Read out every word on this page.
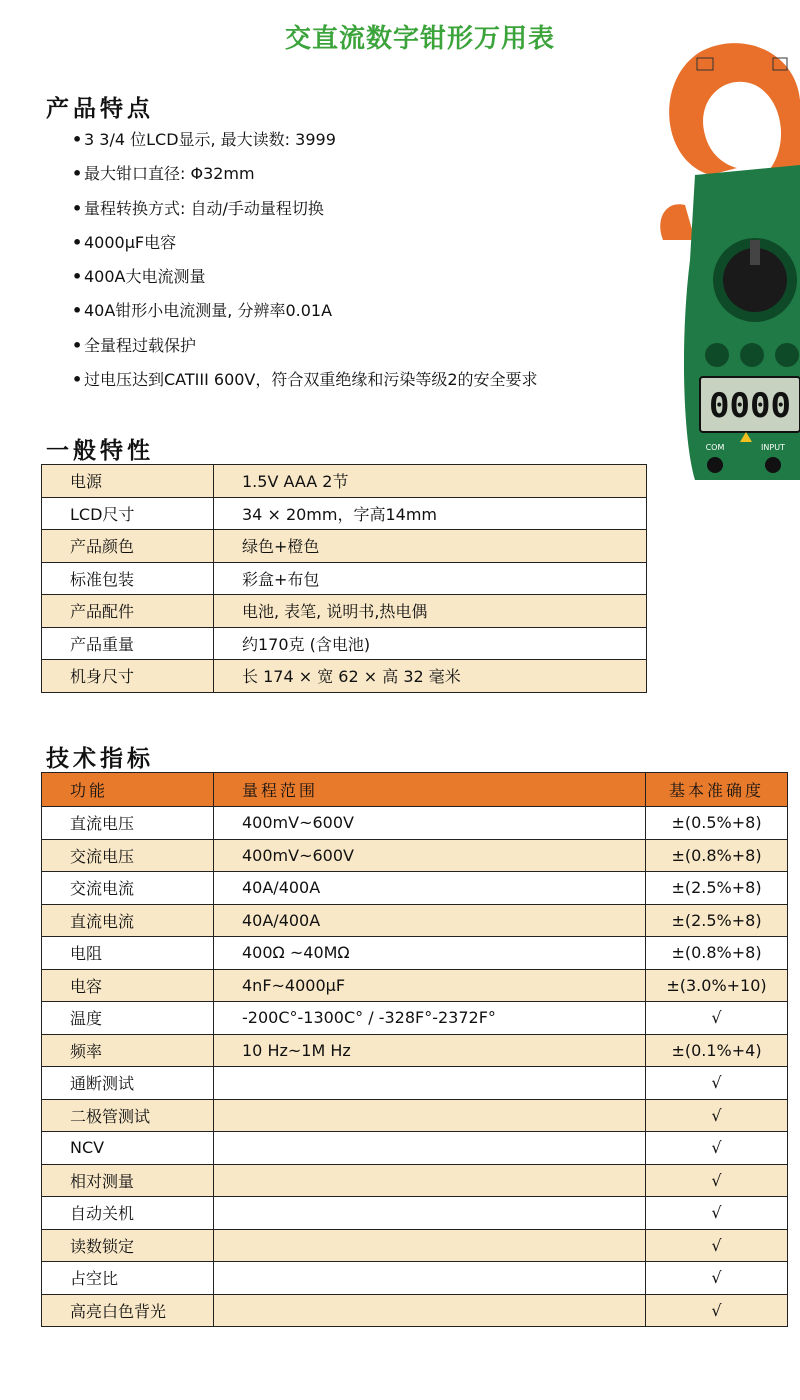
交直流数字钳形万用表
产品特点
• 3 3/4 位LCD显示, 最大读数: 3999
• 最大钳口直径: Φ32mm
• 量程转换方式: 自动/手动量程切换
• 4000μF电容
• 400A大电流测量
• 40A钳形小电流测量, 分辨率0.01A
• 全量程过载保护
• 过电压达到CATIII 600V，符合双重绝缘和污染等级2的安全要求
0000
COM	INPUT
一般特性
电源	1.5V AAA 2节
LCD尺寸	34 × 20mm，字高14mm
产品颜色	绿色+橙色
标准包装	彩盒+布包
产品配件	电池, 表笔, 说明书,热电偶
产品重量	约170克 (含电池)
机身尺寸	长 174 × 宽 62 × 高 32 毫米
技术指标
功能	量程范围	基本准确度
直流电压	400mV~600V	±(0.5%+8)
交流电压	400mV~600V	±(0.8%+8)
交流电流	40A/400A	±(2.5%+8)
直流电流	40A/400A	±(2.5%+8)
电阻	400Ω ~40MΩ	±(0.8%+8)
电容	4nF~4000μF	±(3.0%+10)
温度	-200C°-1300C° / -328F°-2372F°	√
频率	10 Hz~1M Hz	±(0.1%+4)
通断测试		√
二极管测试		√
NCV		√
相对测量		√
自动关机		√
读数锁定		√
占空比		√
高亮白色背光		√
